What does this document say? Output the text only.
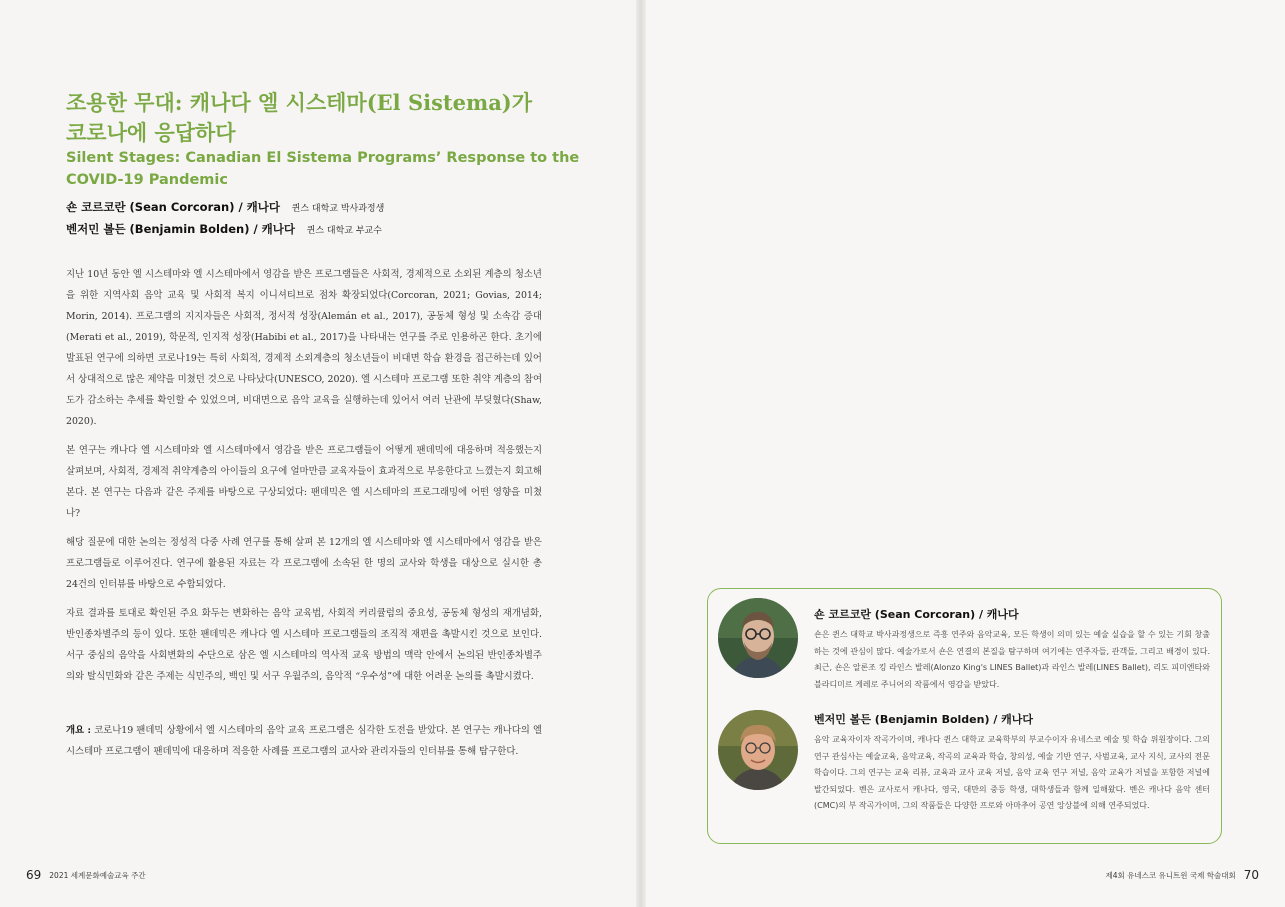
조용한 무대: 캐나다 엘 시스테마(El Sistema)가
코로나에 응답하다
Silent Stages: Canadian El Sistema Programs’ Response to the
COVID-19 Pandemic
숀 코르코란 (Sean Corcoran) / 캐나다 퀸스 대학교 박사과정생
벤저민 볼든 (Benjamin Bolden) / 캐나다 퀸스 대학교 부교수

지난 10년 동안 엘 시스테마와 엘 시스테마에서 영감을 받은 프로그램들은 사회적, 경제적으로 소외된 계층의 청소년을 위한 지역사회 음악 교육 및 사회적 복지 이니셔티브로 점차 확장되었다(Corcoran, 2021; Govias, 2014; Morin, 2014). 프로그램의 지지자들은 사회적, 정서적 성장(Alemán et al., 2017), 공동체 형성 및 소속감 증대(Merati et al., 2019), 학문적, 인지적 성장(Habibi et al., 2017)을 나타내는 연구를 주로 인용하곤 한다. 초기에 발표된 연구에 의하면 코로나19는 특히 사회적, 경제적 소외계층의 청소년들이 비대면 학습 환경을 접근하는데 있어서 상대적으로 많은 제약을 미쳤던 것으로 나타났다(UNESCO, 2020). 엘 시스테마 프로그램 또한 취약 계층의 참여도가 감소하는 추세를 확인할 수 있었으며, 비대면으로 음악 교육을 실행하는데 있어서 여러 난관에 부딪혔다(Shaw, 2020).

본 연구는 캐나다 엘 시스테마와 엘 시스테마에서 영감을 받은 프로그램들이 어떻게 팬데믹에 대응하며 적응했는지 살펴보며, 사회적, 경제적 취약계층의 아이들의 요구에 얼마만큼 교육자들이 효과적으로 부응한다고 느꼈는지 회고해 본다. 본 연구는 다음과 같은 주제를 바탕으로 구상되었다: 팬데믹은 엘 시스테마의 프로그래밍에 어떤 영향을 미쳤나?

해당 질문에 대한 논의는 정성적 다중 사례 연구를 통해 살펴 본 12개의 엘 시스테마와 엘 시스테마에서 영감을 받은 프로그램들로 이루어진다. 연구에 활용된 자료는 각 프로그램에 소속된 한 명의 교사와 학생을 대상으로 실시한 총 24건의 인터뷰를 바탕으로 수합되었다.

자료 결과를 토대로 확인된 주요 화두는 변화하는 음악 교육법, 사회적 커리큘럼의 중요성, 공동체 형성의 재개념화, 반인종차별주의 등이 있다. 또한 팬데믹은 캐나다 엘 시스테마 프로그램들의 조직적 재편을 촉발시킨 것으로 보인다. 서구 중심의 음악을 사회변화의 수단으로 삼은 엘 시스테마의 역사적 교육 방법의 맥락 안에서 논의된 반인종차별주의와 탈식민화와 같은 주제는 식민주의, 백인 및 서구 우월주의, 음악적 “우수성”에 대한 어려운 논의를 촉발시켰다.

개요 : 코로나19 팬데믹 상황에서 엘 시스테마의 음악 교육 프로그램은 심각한 도전을 받았다. 본 연구는 캐나다의 엘 시스테마 프로그램이 팬데믹에 대응하며 적응한 사례를 프로그램의 교사와 관리자들의 인터뷰를 통해 탐구한다.

숀 코르코란 (Sean Corcoran) / 캐나다

숀은 퀸스 대학교 박사과정생으로 즉흥 연주와 음악교육, 모든 학생이 의미 있는 예술 실습을 할 수 있는 기회 창출하는 것에 관심이 많다. 예술가로서 숀은 연결의 본질을 탐구하며 여기에는 연주자들, 관객들, 그리고 배경이 있다. 최근, 숀은 알론조 킹 라인스 발레(Alonzo King's LINES Ballet)과 라인스 발레(LINES Ballet), 리도 피미엔타와 블라디미르 게레로 주니어의 작품에서 영감을 받았다.

벤저민 볼든 (Benjamin Bolden) / 캐나다

음악 교육자이자 작곡가이며, 캐나다 퀸스 대학교 교육학부의 부교수이자 유네스코 예술 및 학습 위원장이다. 그의 연구 관심사는 예술교육, 음악교육, 작곡의 교육과 학습, 창의성, 예술 기반 연구, 사범교육, 교사 지식, 교사의 전문 학습이다. 그의 연구는 교육 리뷰, 교육과 교사 교육 저널, 음악 교육 연구 저널, 음악 교육가 저널을 포함한 저널에 발간되었다. 벤은 교사로서 캐나다, 영국, 대만의 중등 학생, 대학생들과 함께 일해왔다. 벤은 캐나다 음악 센터(CMC)의 부 작곡가이며, 그의 작품들은 다양한 프로와 아마추어 공연 앙상블에 의해 연주되었다.

69 2021 세계문화예술교육 주간	제4회 유네스코 유니트윈 국제 학술대회 70
